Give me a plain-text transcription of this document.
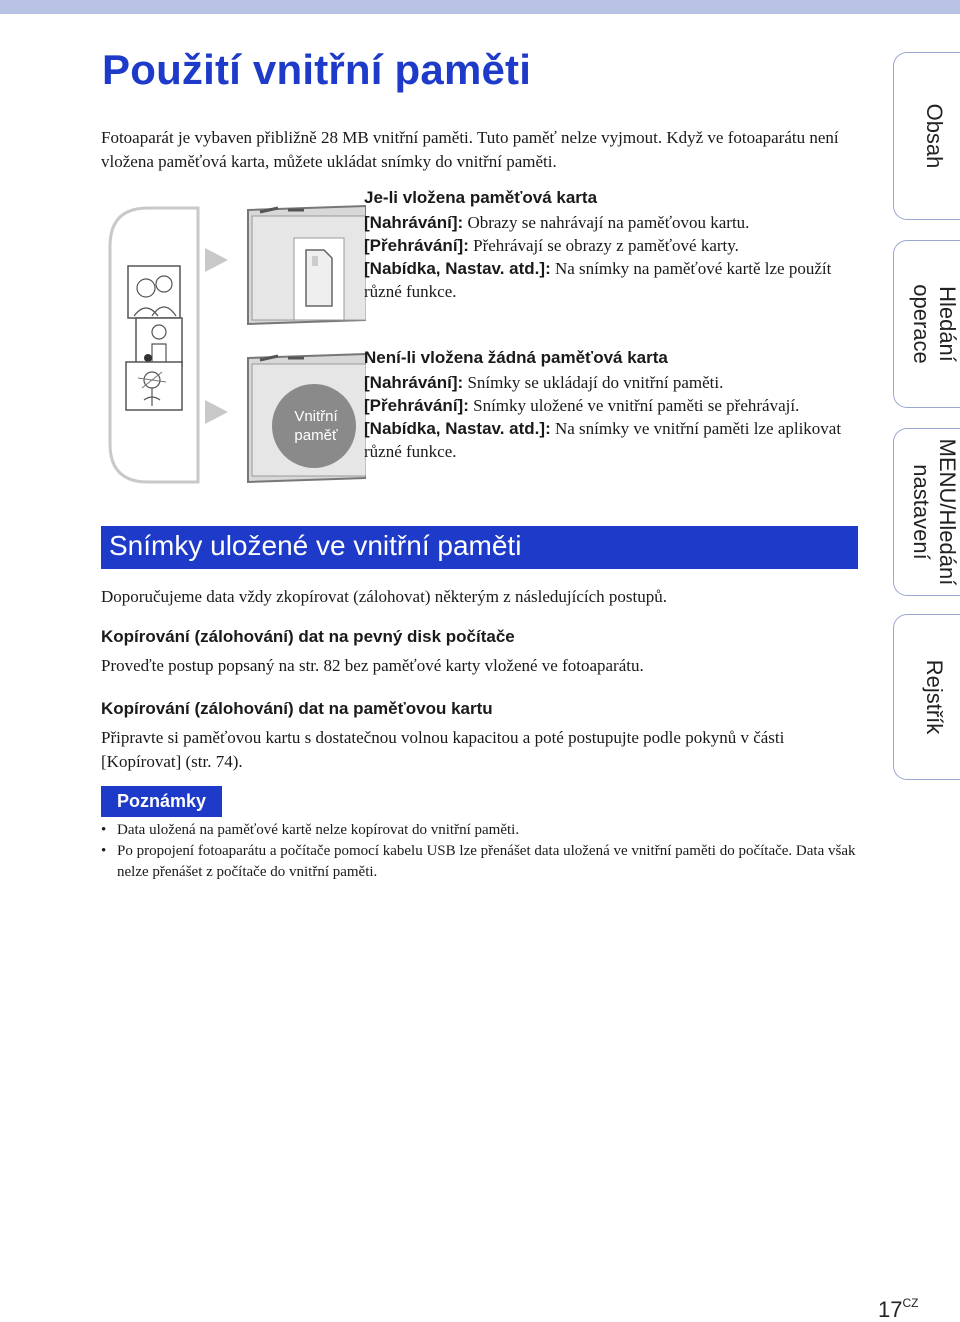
Použití vnitřní paměti

Fotoaparát je vybaven přibližně 28 MB vnitřní paměti. Tuto paměť nelze vyjmout. Když ve fotoaparátu není vložena paměťová karta, můžete ukládat snímky do vnitřní paměti.

Vnitřní paměť
Je-li vložena paměťová karta
[Nahrávání]: Obrazy se nahrávají na paměťovou kartu.
[Přehrávání]: Přehrávají se obrazy z paměťové karty.
[Nabídka, Nastav. atd.]: Na snímky na paměťové kartě lze použít různé funkce.
Není-li vložena žádná paměťová karta
[Nahrávání]: Snímky se ukládají do vnitřní paměti.
[Přehrávání]: Snímky uložené ve vnitřní paměti se přehrávají.
[Nabídka, Nastav. atd.]: Na snímky ve vnitřní paměti lze aplikovat různé funkce.
Snímky uložené ve vnitřní paměti

Doporučujeme data vždy zkopírovat (zálohovat) některým z následujících postupů.

Kopírování (zálohování) dat na pevný disk počítače

Proveďte postup popsaný na str. 82 bez paměťové karty vložené ve fotoaparátu.

Kopírování (zálohování) dat na paměťovou kartu

Připravte si paměťovou kartu s dostatečnou volnou kapacitou a poté postupujte podle pokynů v části [Kopírovat] (str. 74).

Poznámky
• Data uložená na paměťové kartě nelze kopírovat do vnitřní paměti.
• Po propojení fotoaparátu a počítače pomocí kabelu USB lze přenášet data uložená ve vnitřní paměti do počítače. Data však nelze přenášet z počítače do vnitřní paměti.
Obsah
Hledání
operace
MENU/Hledání
nastavení
Rejstřík
$17^{CZ}$
